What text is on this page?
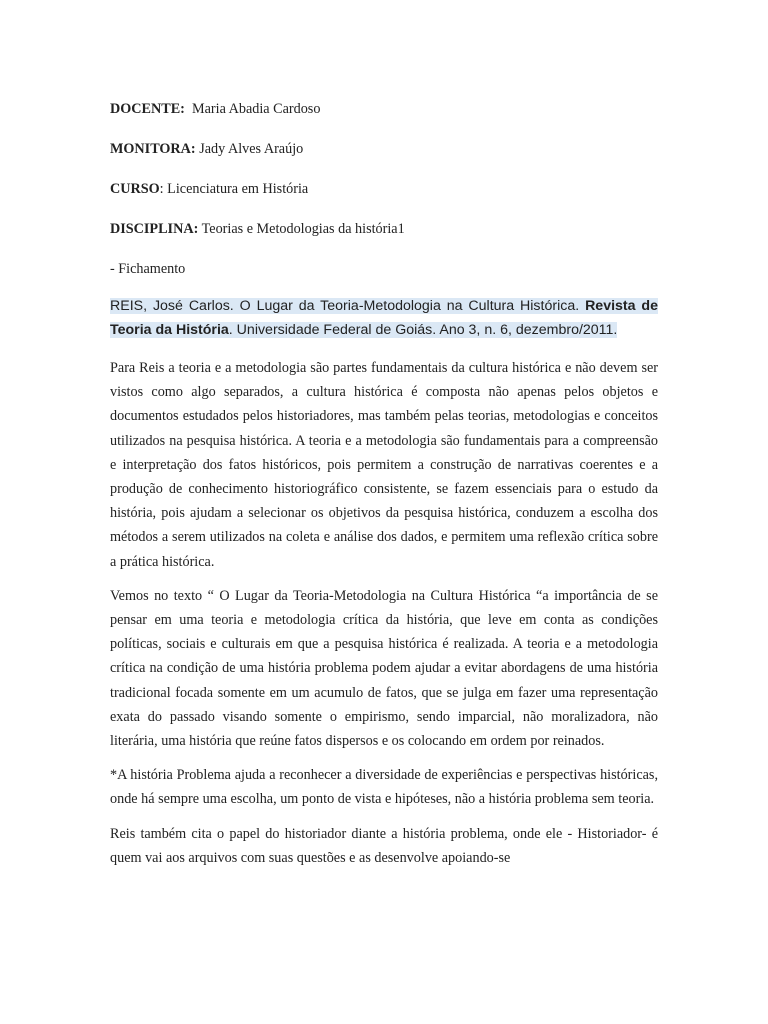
DOCENTE: Maria Abadia Cardoso
MONITORA: Jady Alves Araújo
CURSO: Licenciatura em História
DISCIPLINA: Teorias e Metodologias da história1
- Fichamento

REIS, José Carlos. O Lugar da Teoria-Metodologia na Cultura Histórica. Revista de Teoria da História. Universidade Federal de Goiás. Ano 3, n. 6, dezembro/2011.

Para Reis a teoria e a metodologia são partes fundamentais da cultura histórica e não devem ser vistos como algo separados, a cultura histórica é composta não apenas pelos objetos e documentos estudados pelos historiadores, mas também pelas teorias, metodologias e conceitos utilizados na pesquisa histórica. A teoria e a metodologia são fundamentais para a compreensão e interpretação dos fatos históricos, pois permitem a construção de narrativas coerentes e a produção de conhecimento historiográfico consistente, se fazem essenciais para o estudo da história, pois ajudam a selecionar os objetivos da pesquisa histórica, conduzem a escolha dos métodos a serem utilizados na coleta e análise dos dados, e permitem uma reflexão crítica sobre a prática histórica.

Vemos no texto “ O Lugar da Teoria-Metodologia na Cultura Histórica “a importância de se pensar em uma teoria e metodologia crítica da história, que leve em conta as condições políticas, sociais e culturais em que a pesquisa histórica é realizada. A teoria e a metodologia crítica na condição de uma história problema podem ajudar a evitar abordagens de uma história tradicional focada somente em um acumulo de fatos, que se julga em fazer uma representação exata do passado visando somente o empirismo, sendo imparcial, não moralizadora, não literária, uma história que reúne fatos dispersos e os colocando em ordem por reinados.

*A história Problema ajuda a reconhecer a diversidade de experiências e perspectivas históricas, onde há sempre uma escolha, um ponto de vista e hipóteses, não a história problema sem teoria.

Reis também cita o papel do historiador diante a história problema, onde ele - Historiador- é quem vai aos arquivos com suas questões e as desenvolve apoiando-se
